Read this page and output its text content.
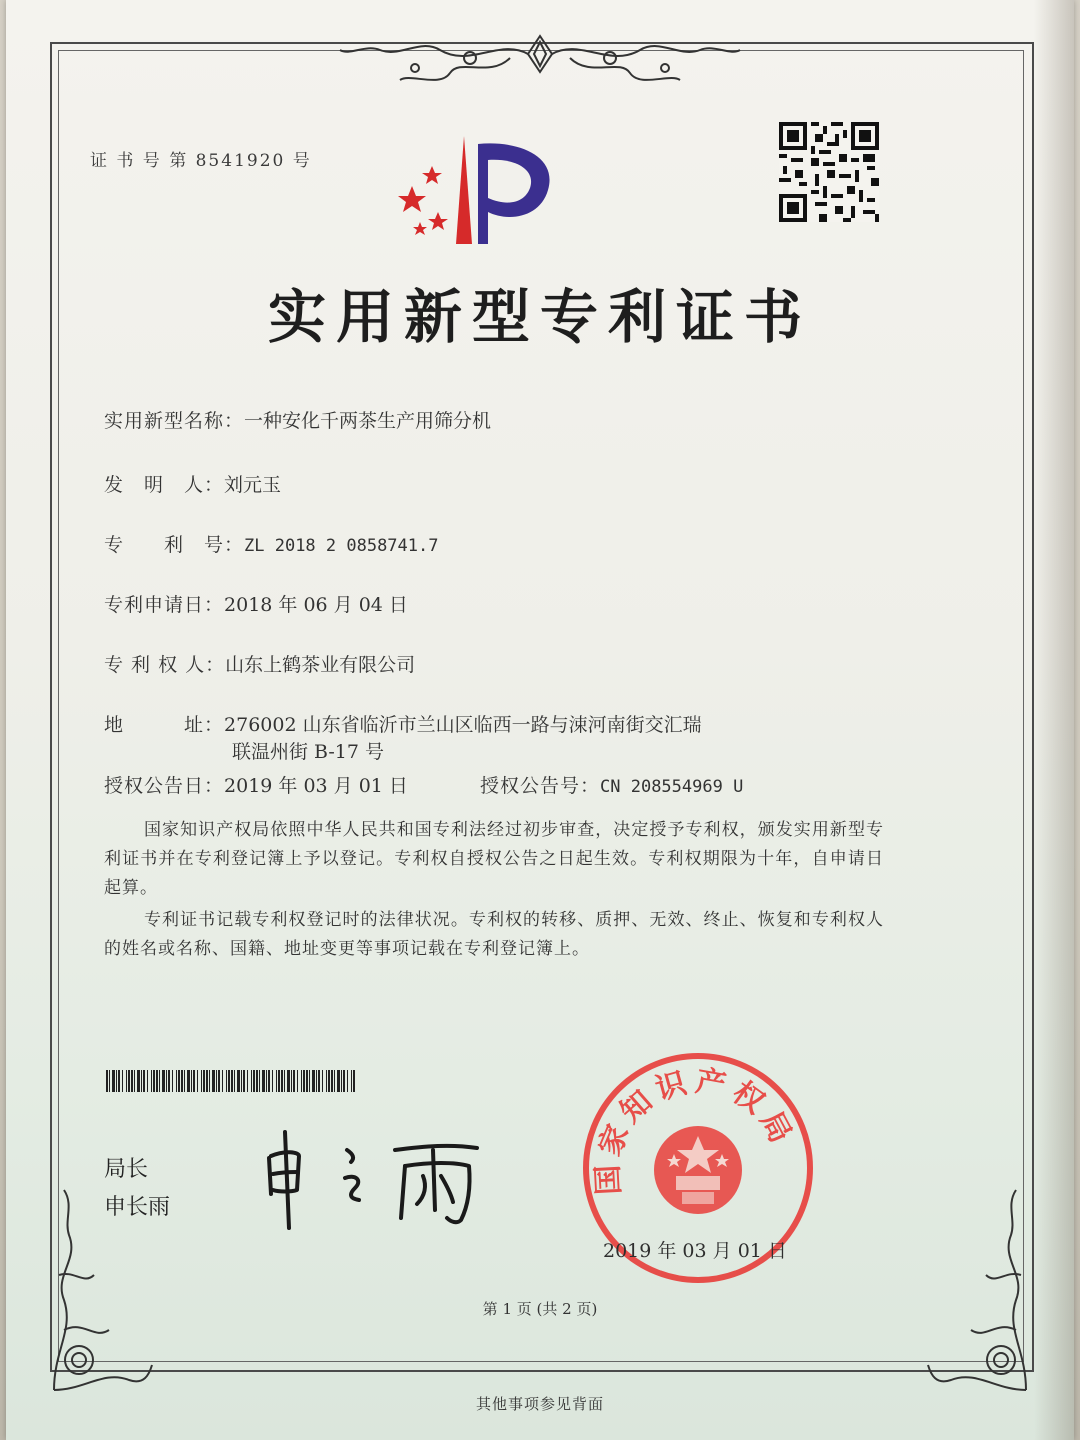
证 书 号 第 8541920 号
实用新型专利证书
实用新型名称：一种安化千两茶生产用筛分机
发　明　人：刘元玉
专　　利　号：ZL 2018 2 0858741.7
专利申请日：2018 年 06 月 04 日
专 利 权 人：山东上鹤茶业有限公司
地　　　址：276002 山东省临沂市兰山区临西一路与涑河南街交汇瑞
联温州街 B-17 号
授权公告日：2019 年 03 月 01 日	授权公告号：CN 208554969 U
国家知识产权局依照中华人民共和国专利法经过初步审查，决定授予专利权，颁发实用新型专利证书并在专利登记簿上予以登记。专利权自授权公告之日起生效。专利权期限为十年，自申请日起算。
专利证书记载专利权登记时的法律状况。专利权的转移、质押、无效、终止、恢复和专利权人的姓名或名称、国籍、地址变更等事项记载在专利登记簿上。
局长
申长雨
国家知识产权局
2019 年 03 月 01 日
第 1 页 (共 2 页)
其他事项参见背面
